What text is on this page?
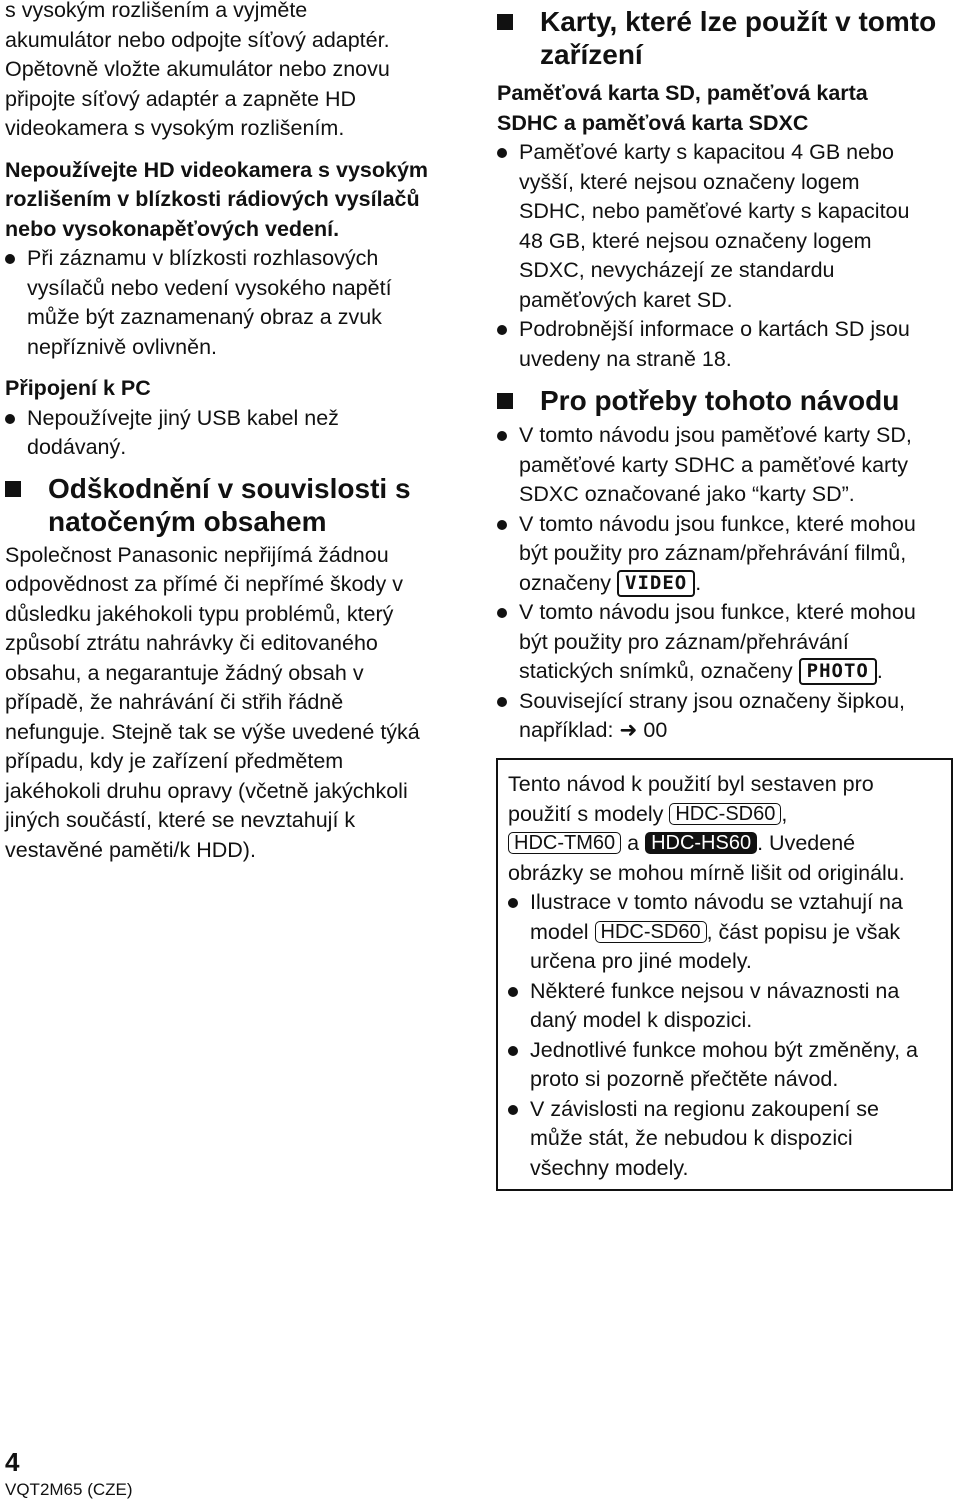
s vysokým rozlišením a vyjměte

akumulátor nebo odpojte síťový adaptér.

Opětovně vložte akumulátor nebo znovu

připojte síťový adaptér a zapněte HD

videokamera s vysokým rozlišením.

Nepoužívejte HD videokamera s vysokým

rozlišením v blízkosti rádiových vysílačů

nebo vysokonapěťových vedení.

Při záznamu v blízkosti rozhlasových

vysílačů nebo vedení vysokého napětí

může být zaznamenaný obraz a zvuk

nepříznivě ovlivněn.

Připojení k PC

Nepoužívejte jiný USB kabel než

dodávaný.

Odškodnění v souvislosti s
natočeným obsahem

Společnost Panasonic nepřijímá žádnou

odpovědnost za přímé či nepřímé škody v

důsledku jakéhokoli typu problémů, který

způsobí ztrátu nahrávky či editovaného

obsahu, a negarantuje žádný obsah v

případě, že nahrávání či střih řádně

nefunguje. Stejně tak se výše uvedené týká

případu, kdy je zařízení předmětem

jakéhokoli druhu opravy (včetně jakýchkoli

jiných součástí, které se nevztahují k

vestavěné paměti/k HDD).

Karty, které lze použít v tomto
zařízení

Paměťová karta SD, paměťová karta

SDHC a paměťová karta SDXC

Paměťové karty s kapacitou 4 GB nebo

vyšší, které nejsou označeny logem

SDHC, nebo paměťové karty s kapacitou

48 GB, které nejsou označeny logem

SDXC, nevycházejí ze standardu

paměťových karet SD.

Podrobnější informace o kartách SD jsou

uvedeny na straně 18.

Pro potřeby tohoto návodu

V tomto návodu jsou paměťové karty SD,

paměťové karty SDHC a paměťové karty

SDXC označované jako “karty SD”.

V tomto návodu jsou funkce, které mohou

být použity pro záznam/přehrávání filmů,

označeny VIDEO .

V tomto návodu jsou funkce, které mohou

být použity pro záznam/přehrávání

statických snímků, označeny PHOTO .

Související strany jsou označeny šipkou,

například: ➜ 00

Tento návod k použití byl sestaven pro

použití s modely HDC-SD60 ,

HDC-TM60 a HDC-HS60 . Uvedené

obrázky se mohou mírně lišit od originálu.

Ilustrace v tomto návodu se vztahují na

model HDC-SD60 , část popisu je však

určena pro jiné modely.

Některé funkce nejsou v návaznosti na

daný model k dispozici.

Jednotlivé funkce mohou být změněny, a

proto si pozorně přečtěte návod.

V závislosti na regionu zakoupení se

může stát, že nebudou k dispozici

všechny modely.

4
VQT2M65 (CZE)
